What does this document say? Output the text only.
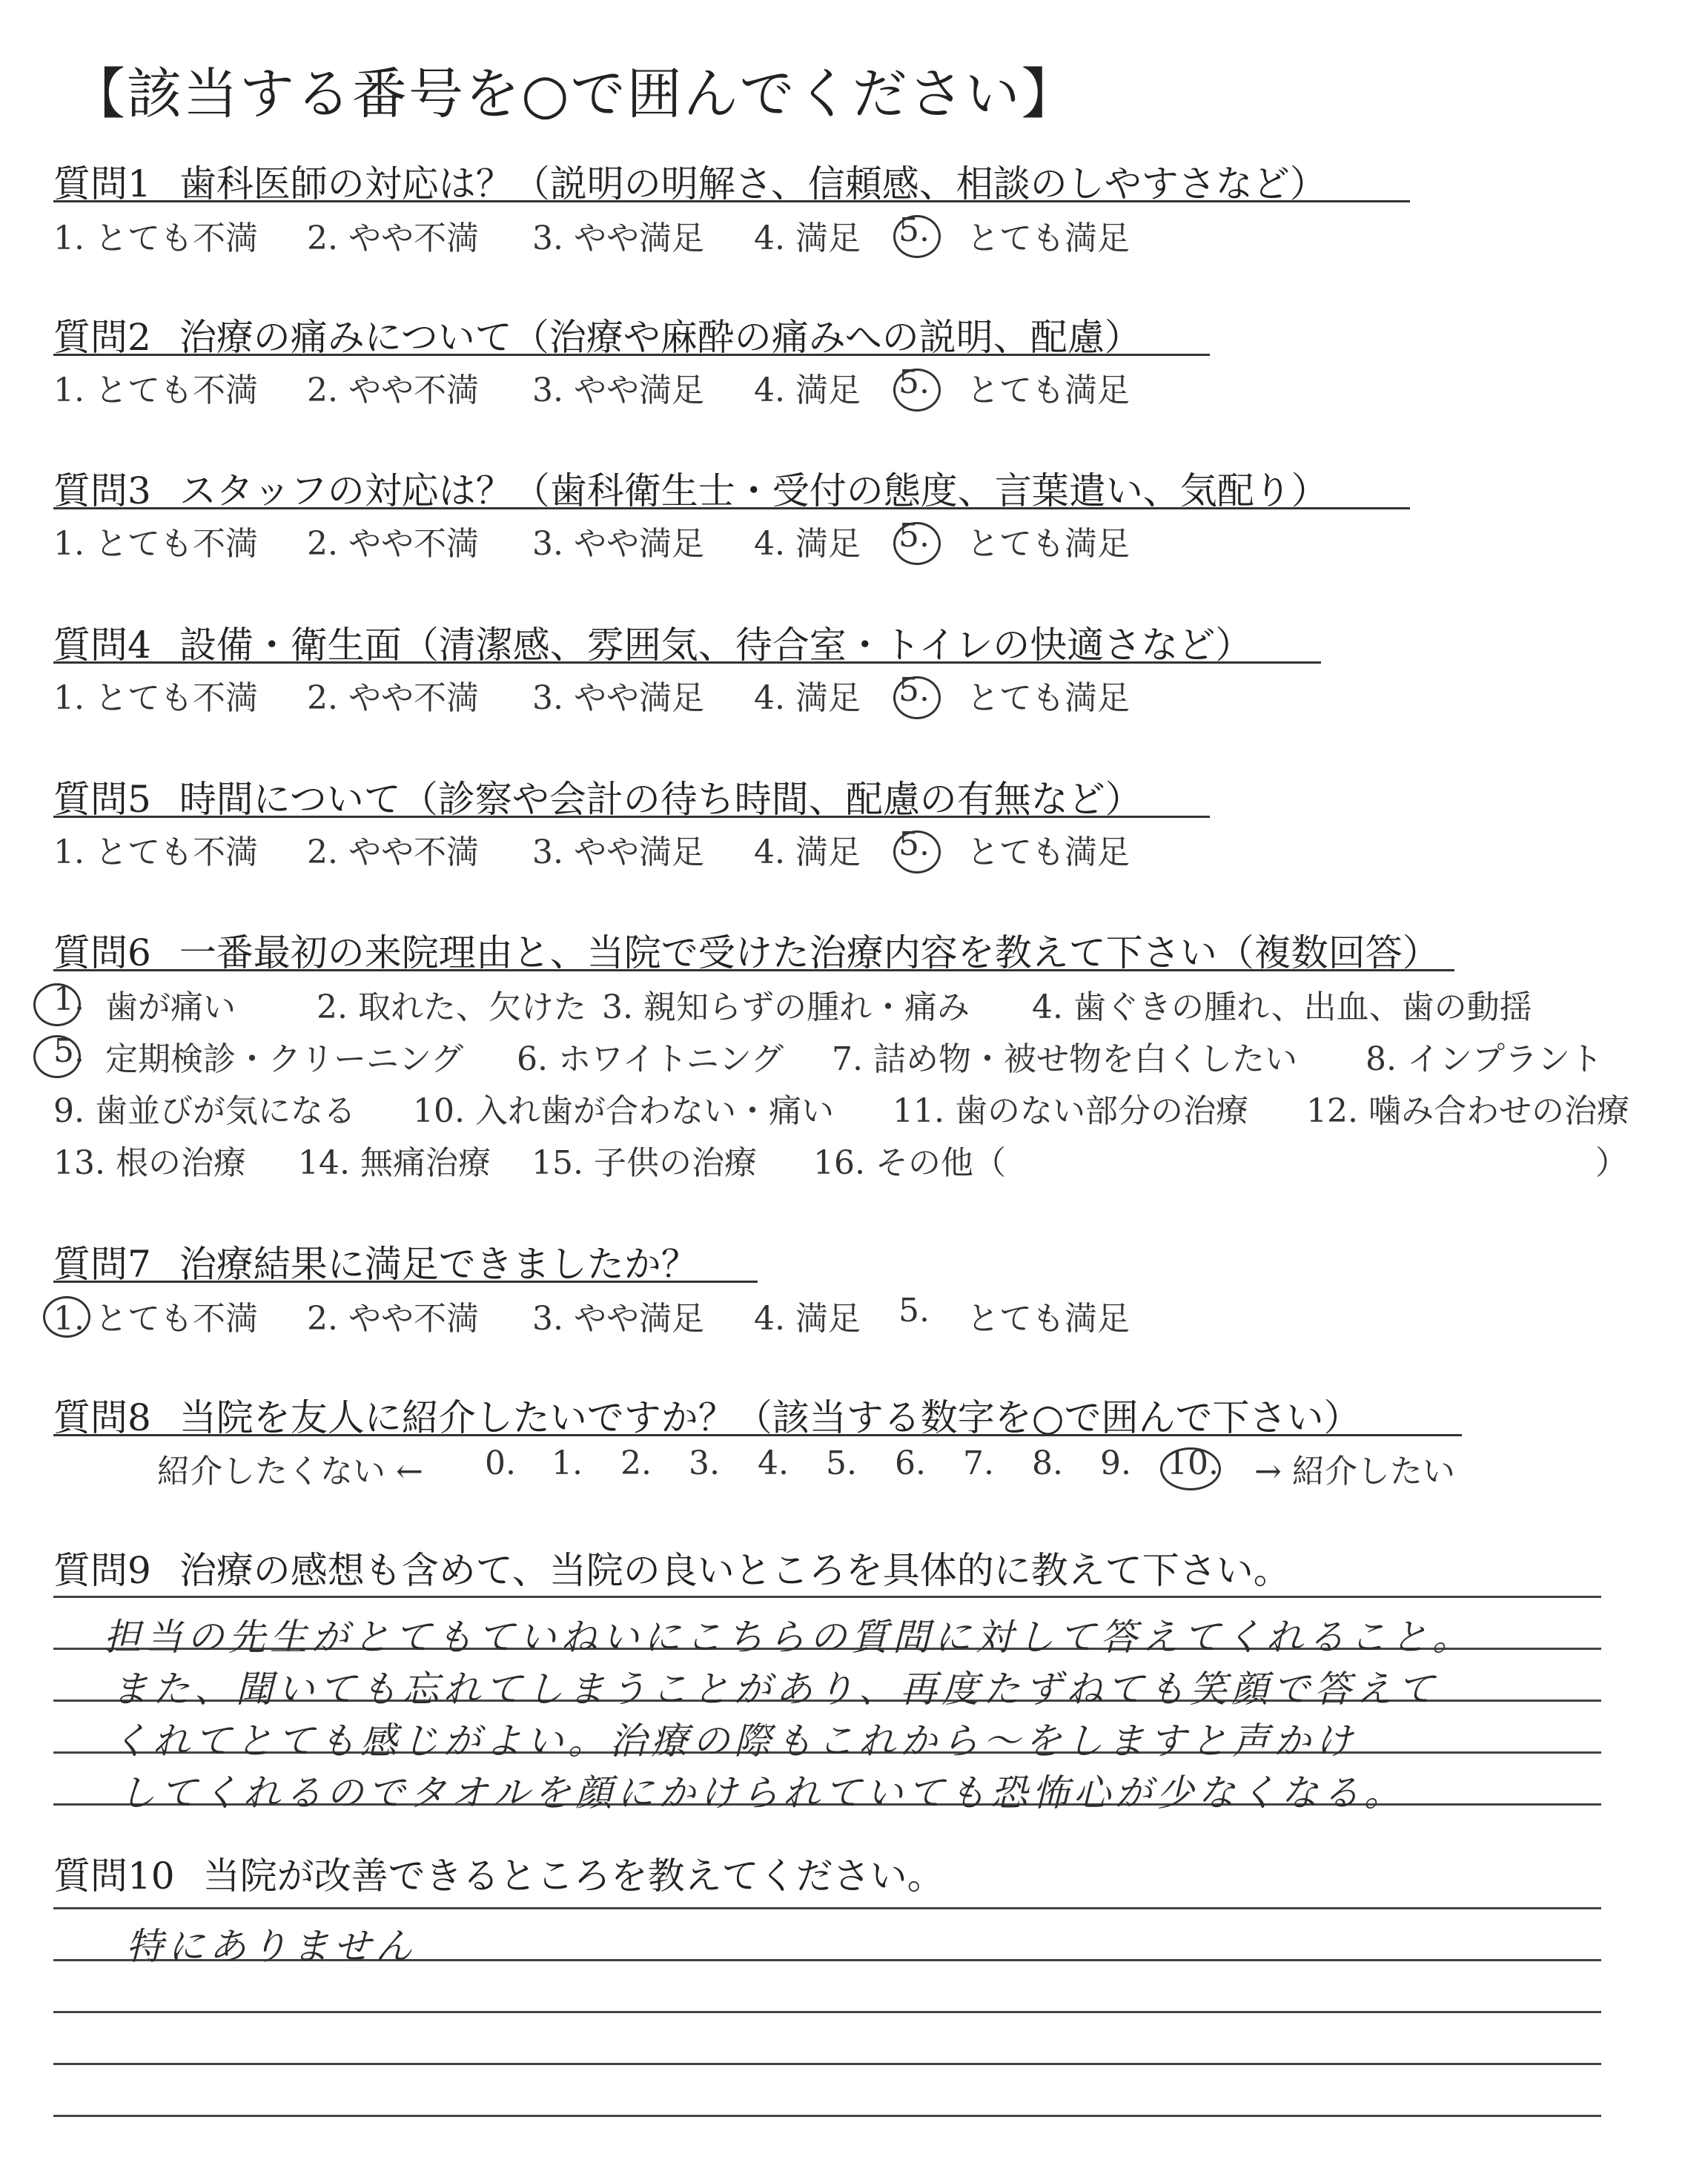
【該当する番号を○で囲んでください】
質問1 歯科医師の対応は？（説明の明解さ、信頼感、相談のしやすさなど）
1. とても不満 2. やや不満 3. やや満足 4. 満足 5. とても満足
質問2 治療の痛みについて（治療や麻酔の痛みへの説明、配慮）
1. とても不満 2. やや不満 3. やや満足 4. 満足 5. とても満足
質問3 スタッフの対応は？（歯科衛生士・受付の態度、言葉遣い、気配り）
1. とても不満 2. やや不満 3. やや満足 4. 満足 5. とても満足
質問4 設備・衛生面（清潔感、雰囲気、待合室・トイレの快適さなど）
1. とても不満 2. やや不満 3. やや満足 4. 満足 5. とても満足
質問5 時間について（診察や会計の待ち時間、配慮の有無など）
1. とても不満 2. やや不満 3. やや満足 4. 満足 5. とても満足
質問6 一番最初の来院理由と、当院で受けた治療内容を教えて下さい（複数回答）
1. 歯が痛い 2. 取れた、欠けた 3. 親知らずの腫れ・痛み 4. 歯ぐきの腫れ、出血、歯の動揺
5. 定期検診・クリーニング 6. ホワイトニング 7. 詰め物・被せ物を白くしたい 8. インプラント
9. 歯並びが気になる 10. 入れ歯が合わない・痛い 11. 歯のない部分の治療 12. 噛み合わせの治療
13. 根の治療 14. 無痛治療 15. 子供の治療 16. その他（	）
質問7 治療結果に満足できましたか？
1. とても不満 2. やや不満 3. やや満足 4. 満足 5. とても満足
質問8 当院を友人に紹介したいですか？（該当する数字を○で囲んで下さい）
紹介したくない ← 0. 1. 2. 3. 4. 5. 6. 7. 8. 9. 10. → 紹介したい
質問9 治療の感想も含めて、当院の良いところを具体的に教えて下さい。
担当の先生がとてもていねいにこちらの質問に対して答えてくれること。
また、聞いても忘れてしまうことがあり、再度たずねても笑顔で答えて
くれてとても感じがよい。治療の際もこれから～をしますと声かけ
してくれるのでタオルを顔にかけられていても恐怖心が少なくなる。
質問10 当院が改善できるところを教えてください。
特にありません
